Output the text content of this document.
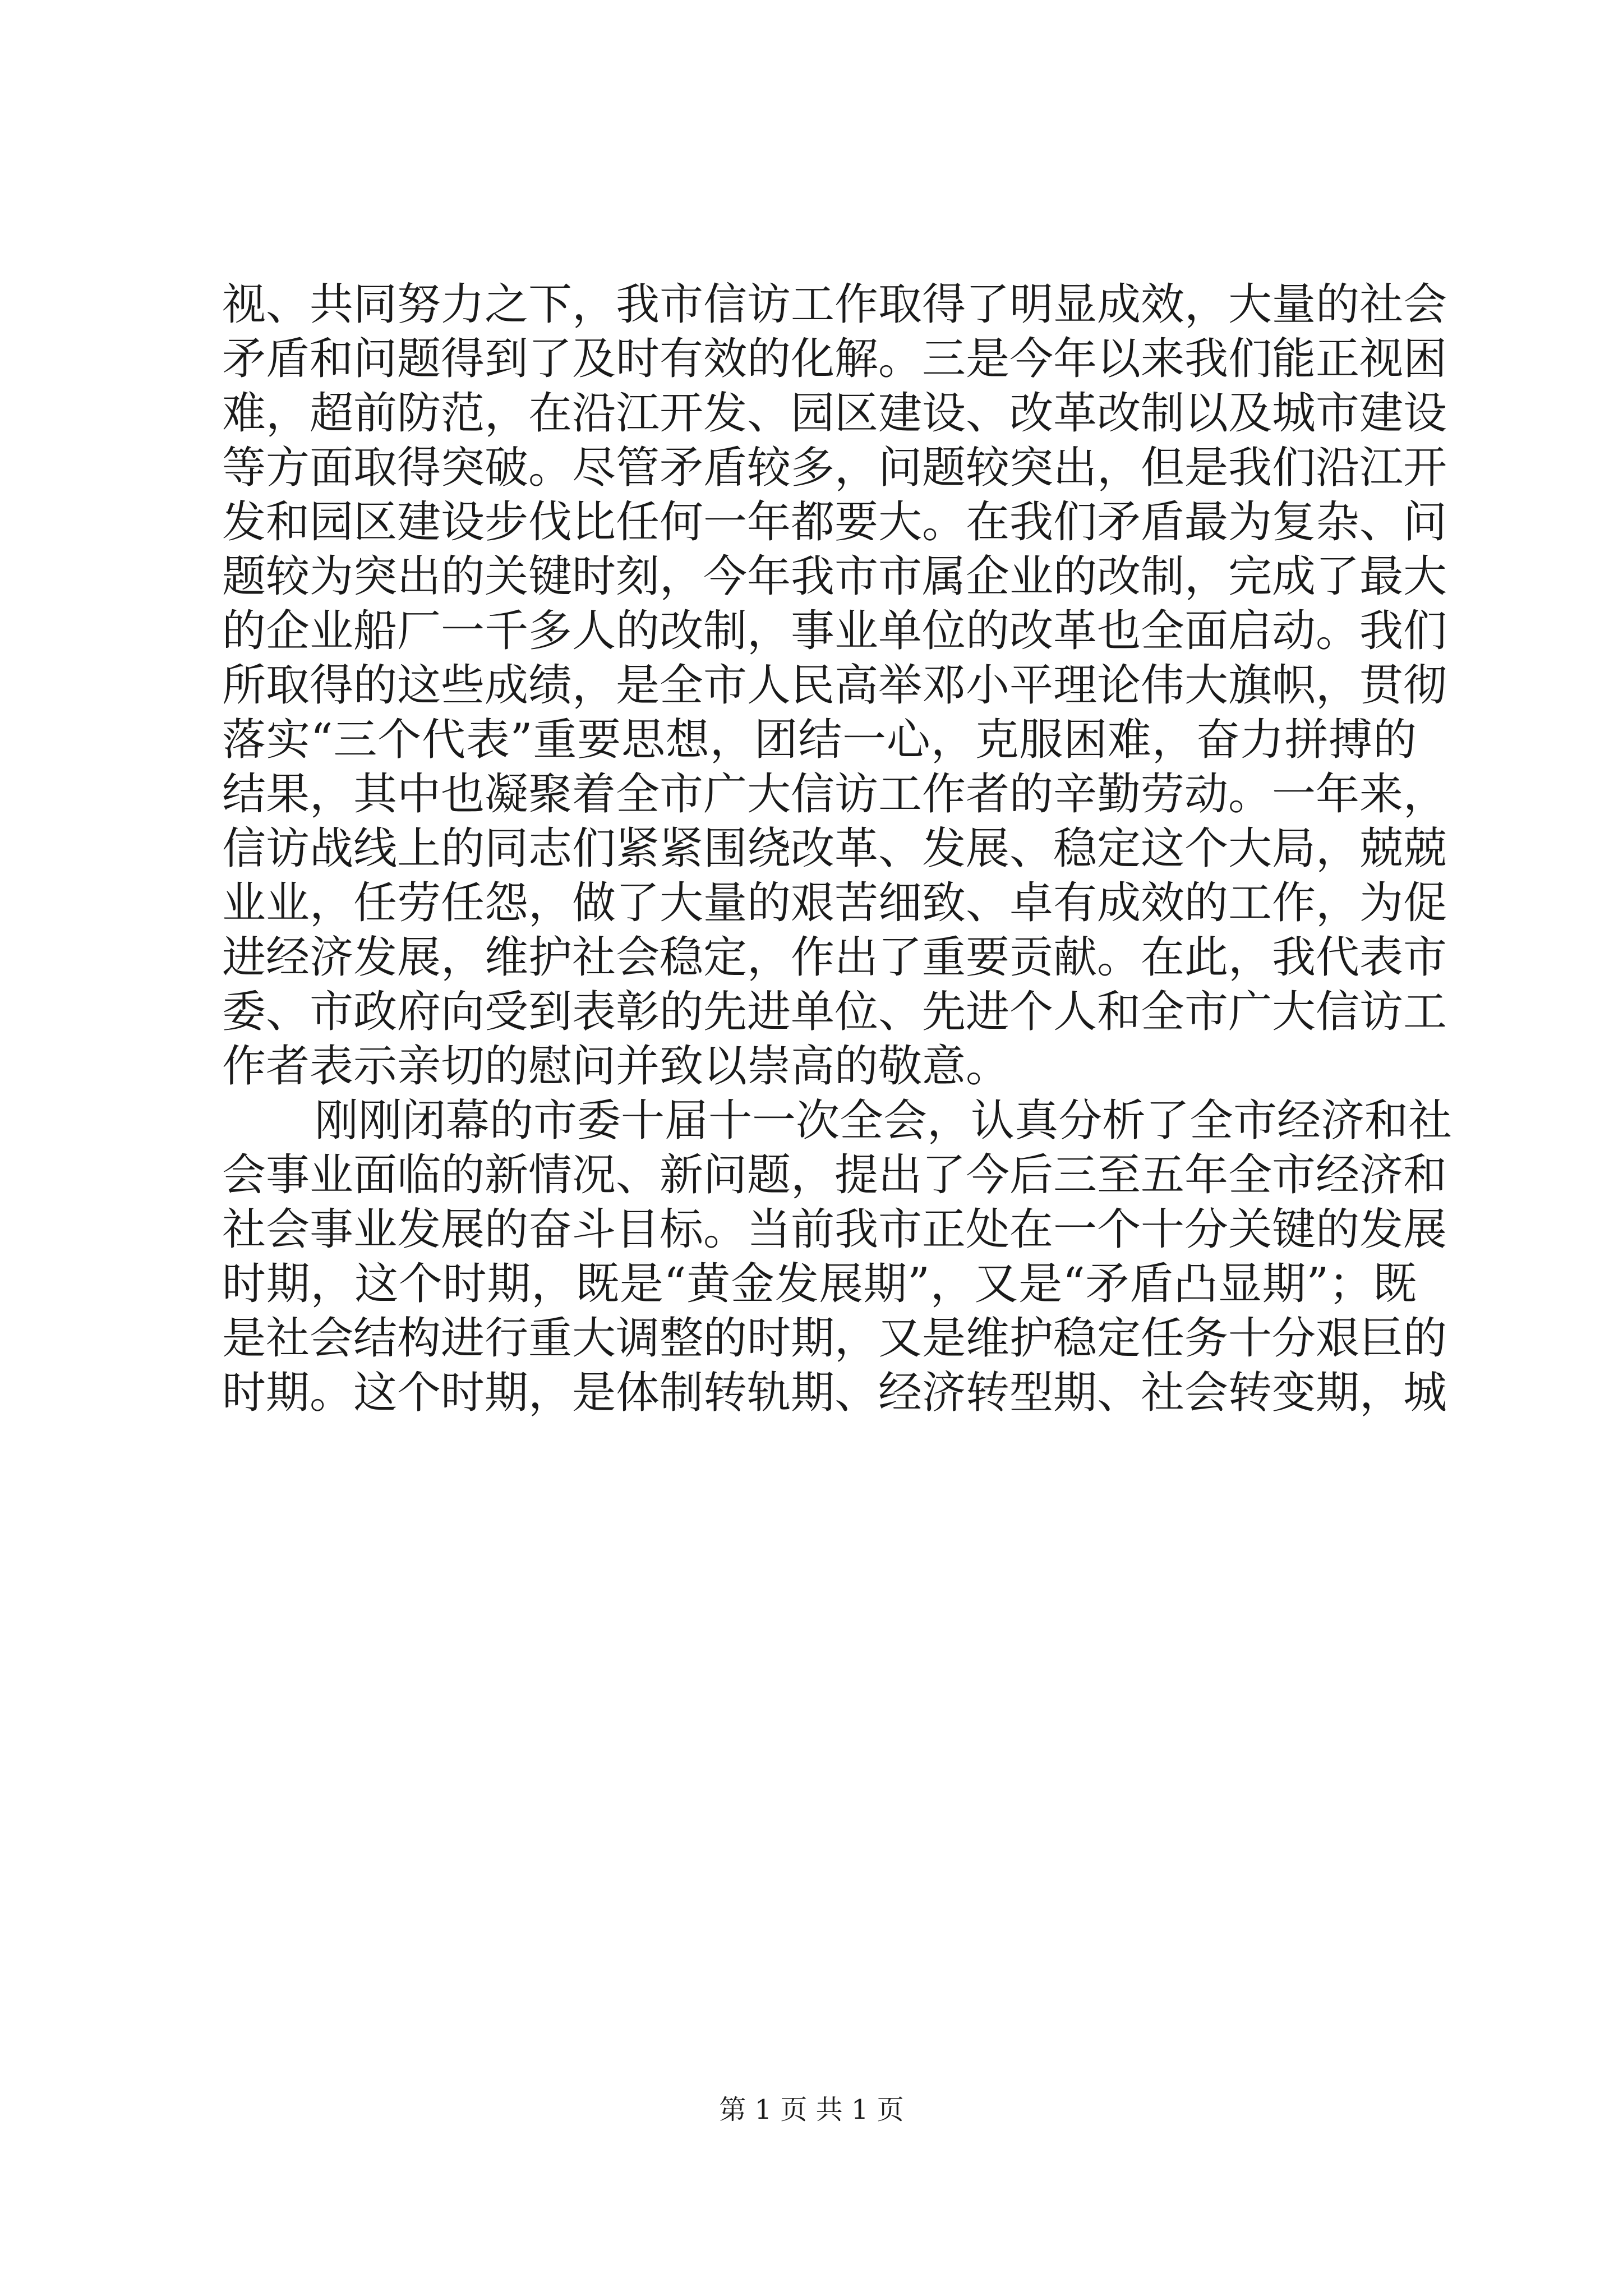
视、共同努力之下，我市信访工作取得了明显成效，大量的社会
矛盾和问题得到了及时有效的化解。三是今年以来我们能正视困
难，超前防范，在沿江开发、园区建设、改革改制以及城市建设
等方面取得突破。尽管矛盾较多，问题较突出，但是我们沿江开
发和园区建设步伐比任何一年都要大。在我们矛盾最为复杂、问
题较为突出的关键时刻，今年我市市属企业的改制，完成了最大
的企业船厂一千多人的改制，事业单位的改革也全面启动。我们
所取得的这些成绩，是全市人民高举邓小平理论伟大旗帜，贯彻
落实“三个代表”重要思想，团结一心，克服困难，奋力拼搏的
结果，其中也凝聚着全市广大信访工作者的辛勤劳动。一年来，
信访战线上的同志们紧紧围绕改革、发展、稳定这个大局，兢兢
业业，任劳任怨，做了大量的艰苦细致、卓有成效的工作，为促
进经济发展，维护社会稳定，作出了重要贡献。在此，我代表市
委、市政府向受到表彰的先进单位、先进个人和全市广大信访工
作者表示亲切的慰问并致以崇高的敬意。
刚刚闭幕的市委十届十一次全会，认真分析了全市经济和社
会事业面临的新情况、新问题，提出了今后三至五年全市经济和
社会事业发展的奋斗目标。当前我市正处在一个十分关键的发展
时期，这个时期，既是“黄金发展期”，又是“矛盾凸显期”；既
是社会结构进行重大调整的时期，又是维护稳定任务十分艰巨的
时期。这个时期，是体制转轨期、经济转型期、社会转变期，城
第 1 页 共 1 页
